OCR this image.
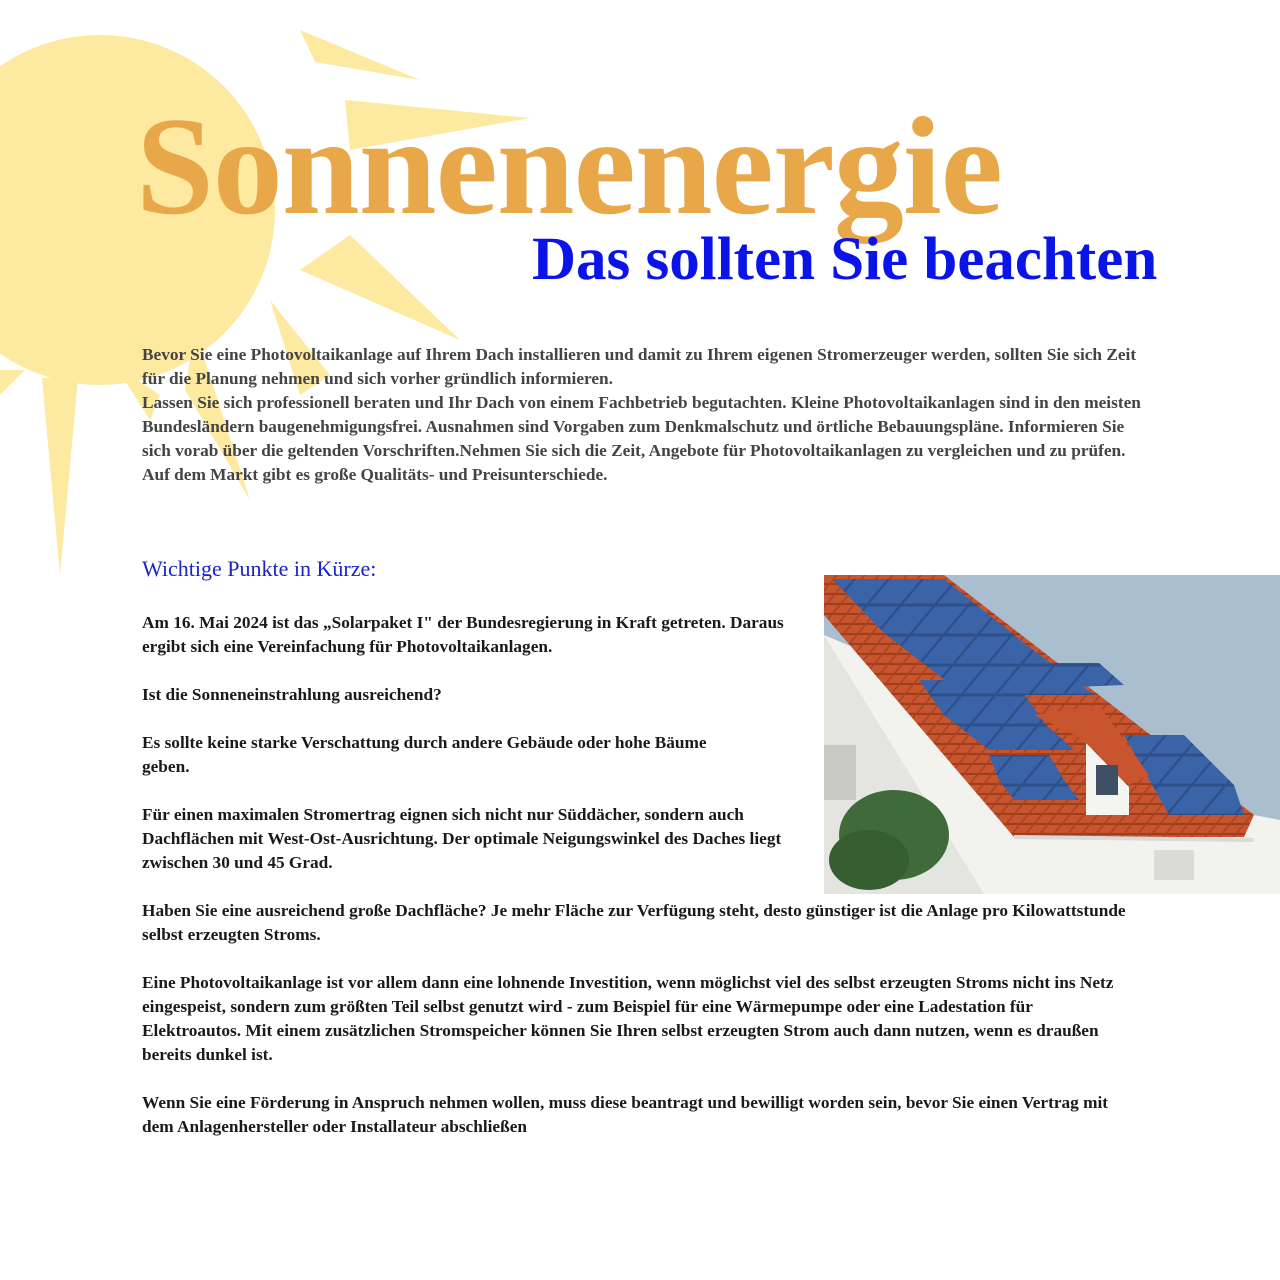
Sonnenenergie
Das sollten Sie beachten

Bevor Sie eine Photovoltaikanlage auf Ihrem Dach installieren und damit zu Ihrem eigenen Stromerzeuger werden, sollten Sie sich Zeit für die Planung nehmen und sich vorher gründlich informieren.

Lassen Sie sich professionell beraten und Ihr Dach von einem Fachbetrieb begutachten. Kleine Photovoltaikanlagen sind in den meisten Bundesländern baugenehmigungsfrei. Ausnahmen sind Vorgaben zum Denkmalschutz und örtliche Bebauungspläne. Informieren Sie sich vorab über die geltenden Vorschriften.Nehmen Sie sich die Zeit, Angebote für Photovoltaikanlagen zu vergleichen und zu prüfen. Auf dem Markt gibt es große Qualitäts- und Preisunterschiede.

Wichtige Punkte in Kürze:

Am 16. Mai 2024 ist das „Solarpaket I" der Bundesregierung in Kraft getreten. Daraus ergibt sich eine Vereinfachung für Photovoltaikanlagen.

Ist die Sonneneinstrahlung ausreichend?

Es sollte keine starke Verschattung durch andere Gebäude oder hohe Bäume geben.

Für einen maximalen Stromertrag eignen sich nicht nur Süddächer, sondern auch Dachflächen mit West-Ost-Ausrichtung. Der optimale Neigungswinkel des Daches liegt zwischen 30 und 45 Grad.

Haben Sie eine ausreichend große Dachfläche? Je mehr Fläche zur Verfügung steht, desto günstiger ist die Anlage pro Kilowattstunde selbst erzeugten Stroms.

Eine Photovoltaikanlage ist vor allem dann eine lohnende Investition, wenn möglichst viel des selbst erzeugten Stroms nicht ins Netz eingespeist, sondern zum größten Teil selbst genutzt wird - zum Beispiel für eine Wärmepumpe oder eine Ladestation für Elektroautos. Mit einem zusätzlichen Stromspeicher können Sie Ihren selbst erzeugten Strom auch dann nutzen, wenn es draußen bereits dunkel ist.

Wenn Sie eine Förderung in Anspruch nehmen wollen, muss diese beantragt und bewilligt worden sein, bevor Sie einen Vertrag mit dem Anlagenhersteller oder Installateur abschließen
